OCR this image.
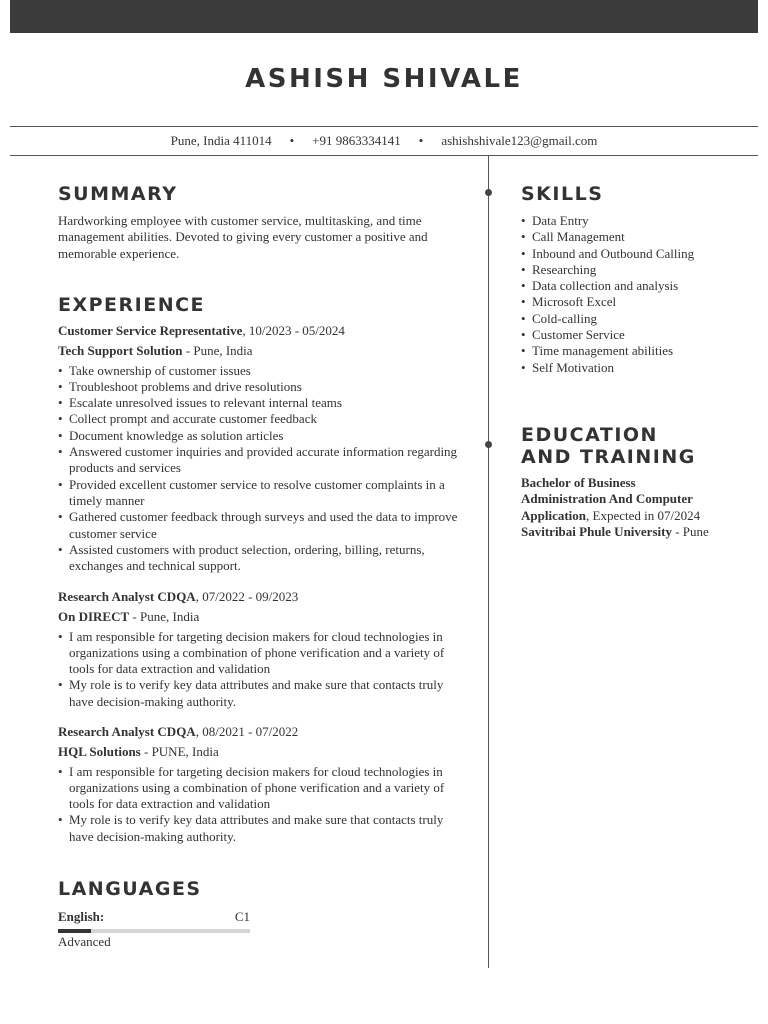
ASHISH SHIVALE
Pune, India 411014 • +91 9863334141 • ashishshivale123@gmail.com
SUMMARY
Hardworking employee with customer service, multitasking, and time management abilities. Devoted to giving every customer a positive and memorable experience.
EXPERIENCE

Customer Service Representative, 10/2023 - 05/2024

Tech Support Solution - Pune, India

• Take ownership of customer issues
• Troubleshoot problems and drive resolutions
• Escalate unresolved issues to relevant internal teams
• Collect prompt and accurate customer feedback
• Document knowledge as solution articles
• Answered customer inquiries and provided accurate information regarding products and services
• Provided excellent customer service to resolve customer complaints in a timely manner
• Gathered customer feedback through surveys and used the data to improve customer service
• Assisted customers with product selection, ordering, billing, returns, exchanges and technical support.

Research Analyst CDQA, 07/2022 - 09/2023

On DIRECT - Pune, India

• I am responsible for targeting decision makers for cloud technologies in organizations using a combination of phone verification and a variety of tools for data extraction and validation
• My role is to verify key data attributes and make sure that contacts truly have decision-making authority.

Research Analyst CDQA, 08/2021 - 07/2022

HQL Solutions - PUNE, India

• I am responsible for targeting decision makers for cloud technologies in organizations using a combination of phone verification and a variety of tools for data extraction and validation
• My role is to verify key data attributes and make sure that contacts truly have decision-making authority.
LANGUAGES
English:	C1
Advanced
SKILLS
• Data Entry
• Call Management
• Inbound and Outbound Calling
• Researching
• Data collection and analysis
• Microsoft Excel
• Cold-calling
• Customer Service
• Time management abilities
• Self Motivation
EDUCATION
AND TRAINING
Bachelor of Business Administration And Computer Application, Expected in 07/2024
Savitribai Phule University - Pune
